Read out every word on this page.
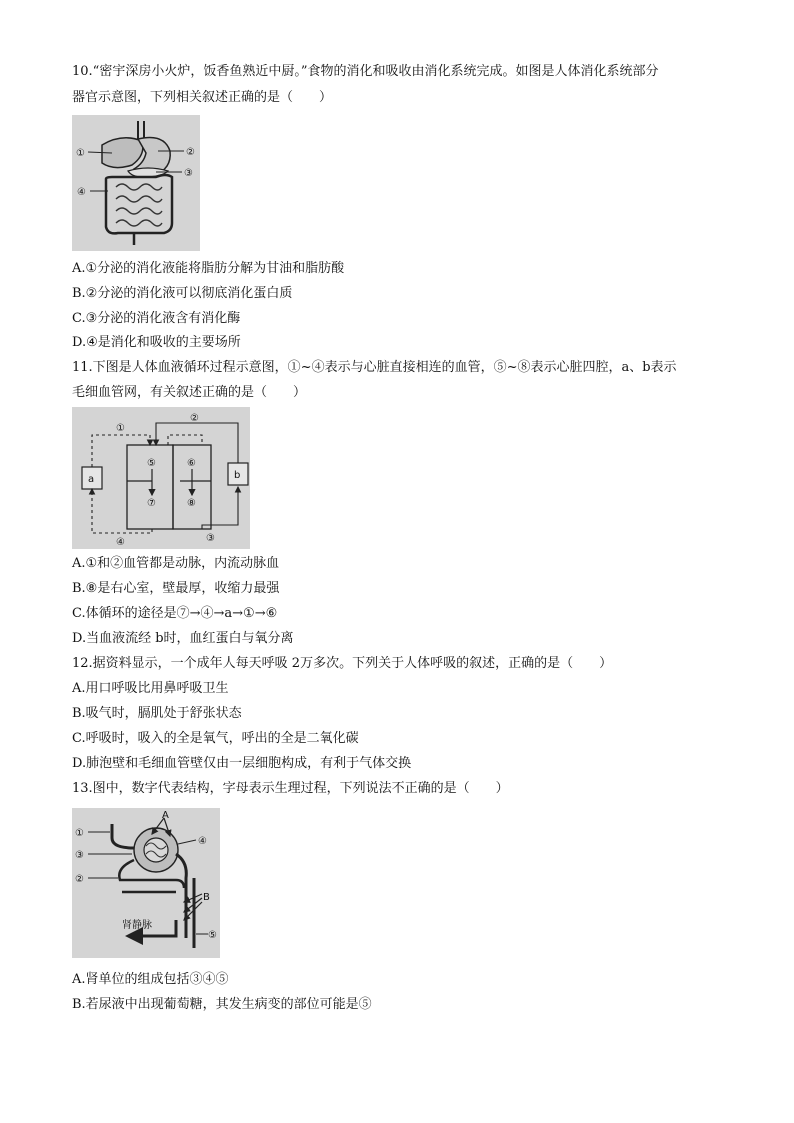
10.“密宇深房小火炉，饭香鱼熟近中厨。”食物的消化和吸收由消化系统完成。如图是人体消化系统部分
器官示意图，下列相关叙述正确的是（　　）
①	②
③
④
A.①分泌的消化液能将脂肪分解为甘油和脂肪酸
B.②分泌的消化液可以彻底消化蛋白质
C.③分泌的消化液含有消化酶
D.④是消化和吸收的主要场所
11.下图是人体血液循环过程示意图，①~④表示与心脏直接相连的血管，⑤~⑧表示心脏四腔，a、b表示
毛细血管网，有关叙述正确的是（　　）
⑤	⑥
⑦	⑧
a	b
①
②
③
④
A.①和②血管都是动脉，内流动脉血
B.⑧是右心室，壁最厚，收缩力最强
C.体循环的途径是⑦→④→a→①→⑥
D.当血液流经 b时，血红蛋白与氧分离
12.据资料显示，一个成年人每天呼吸 2万多次。下列关于人体呼吸的叙述，正确的是（　　）
A.用口呼吸比用鼻呼吸卫生
B.吸气时，膈肌处于舒张状态
C.呼吸时，吸入的全是氧气，呼出的全是二氧化碳
D.肺泡壁和毛细血管壁仅由一层细胞构成，有利于气体交换
13.图中，数字代表结构，字母表示生理过程，下列说法不正确的是（　　）
①
③
②
④
⑤
A
B
肾静脉
A.肾单位的组成包括③④⑤
B.若尿液中出现葡萄糖，其发生病变的部位可能是⑤
